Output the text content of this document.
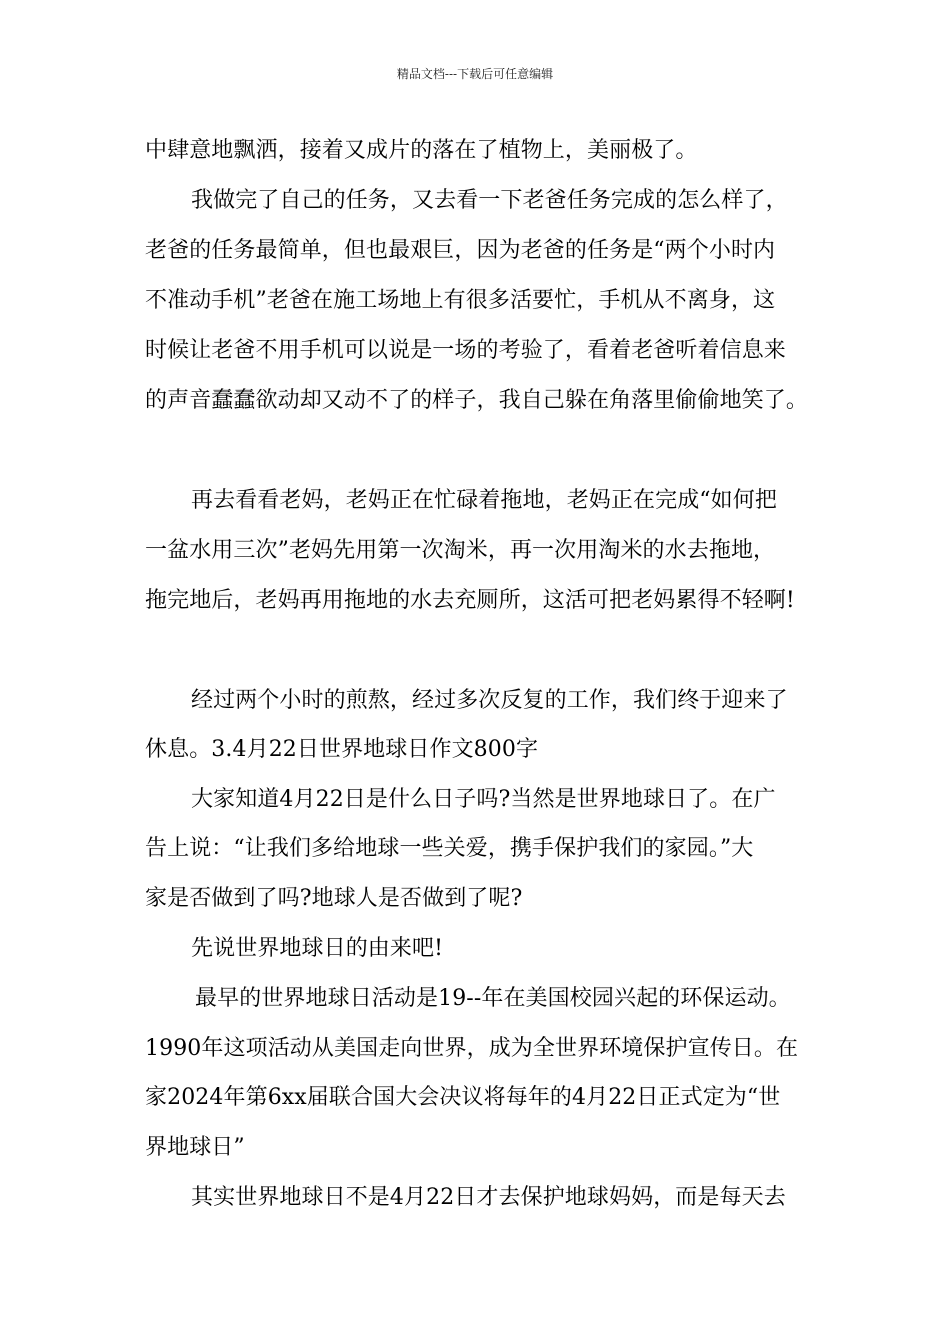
精品文档---下载后可任意编辑
中肆意地飘洒，接着又成片的落在了植物上，美丽极了。
我做完了自己的任务，又去看一下老爸任务完成的怎么样了，
老爸的任务最简单，但也最艰巨，因为老爸的任务是“两个小时内
不准动手机”老爸在施工场地上有很多活要忙，手机从不离身，这
时候让老爸不用手机可以说是一场的考验了，看着老爸听着信息来
的声音蠢蠢欲动却又动不了的样子，我自己躲在角落里偷偷地笑了。
再去看看老妈，老妈正在忙碌着拖地，老妈正在完成“如何把
一盆水用三次”老妈先用第一次淘米，再一次用淘米的水去拖地，
拖完地后，老妈再用拖地的水去充厕所，这活可把老妈累得不轻啊!
经过两个小时的煎熬，经过多次反复的工作，我们终于迎来了
休息。3.4月22日世界地球日作文800字
大家知道4月22日是什么日子吗?当然是世界地球日了。在广
告上说：“让我们多给地球一些关爱，携手保护我们的家园。”大
家是否做到了吗?地球人是否做到了呢?
先说世界地球日的由来吧!
最早的世界地球日活动是19--年在美国校园兴起的环保运动。
1990年这项活动从美国走向世界，成为全世界环境保护宣传日。在
家2024年第6xx届联合国大会决议将每年的4月22日正式定为“世
界地球日”
其实世界地球日不是4月22日才去保护地球妈妈，而是每天去
